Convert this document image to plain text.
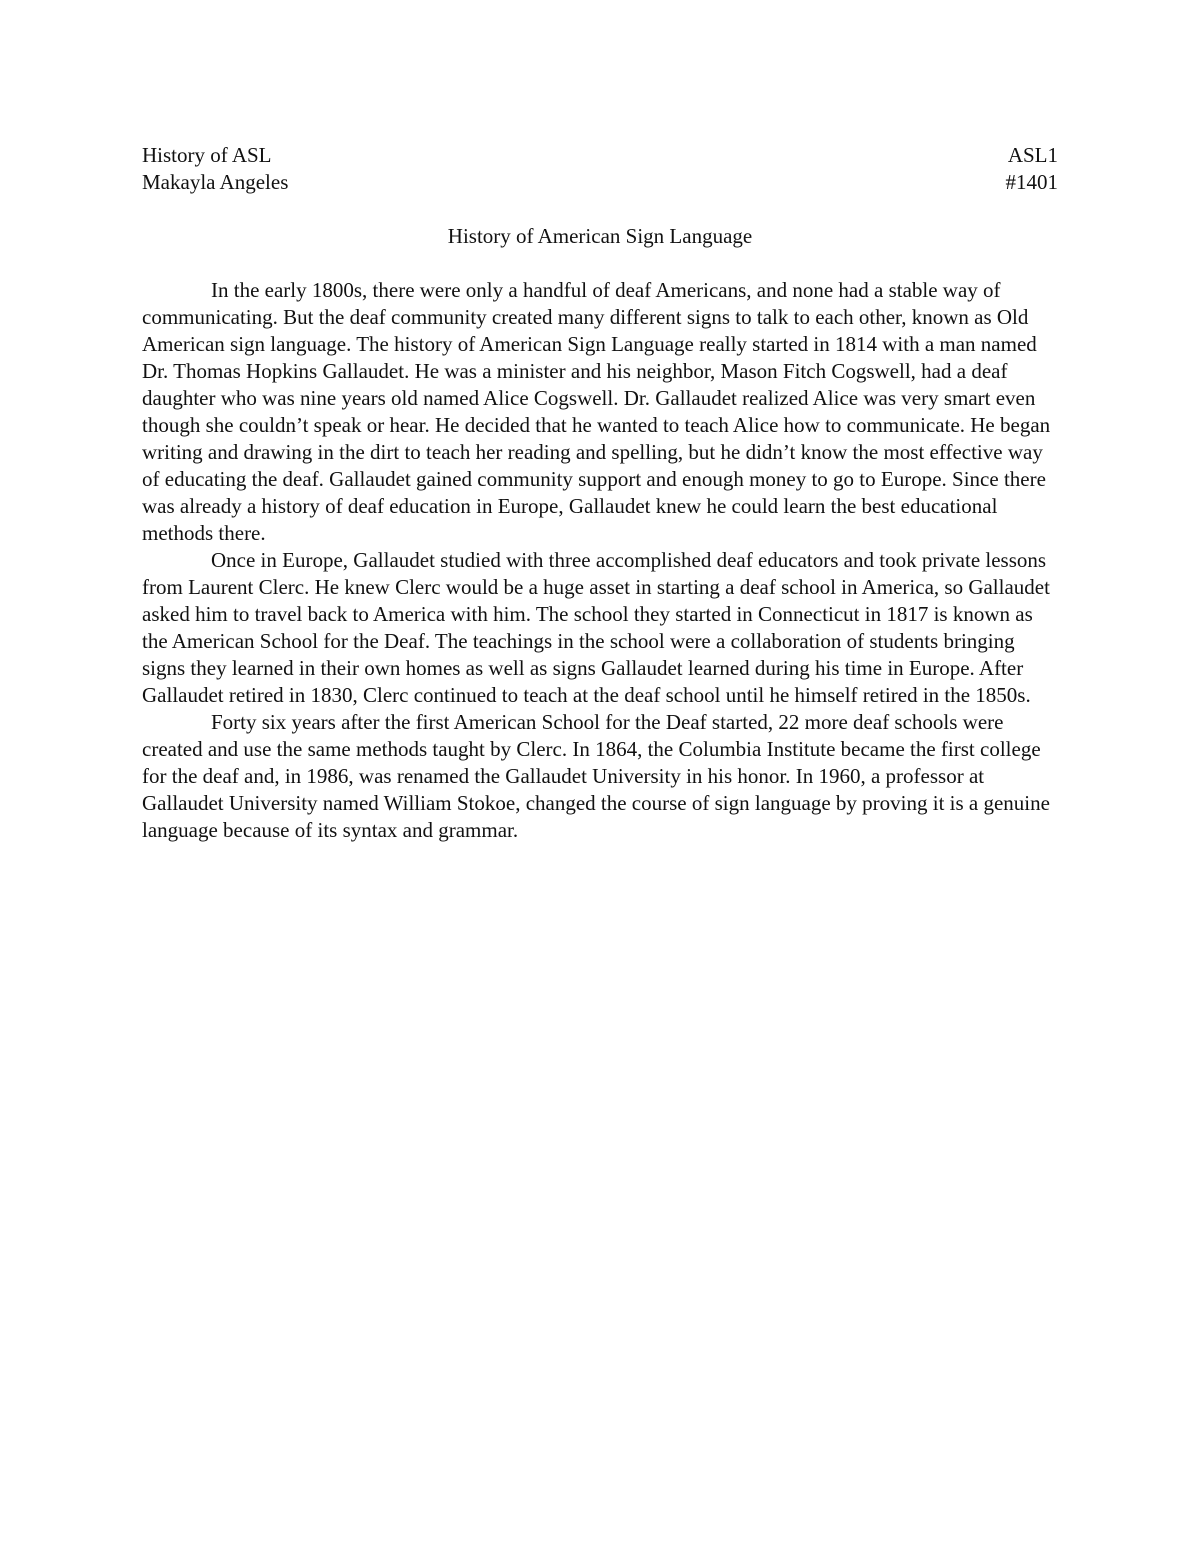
History of ASL	ASL1
Makayla Angeles	#1401
History of American Sign Language

In the early 1800s, there were only a handful of deaf Americans, and none had a stable way of communicating. But the deaf community created many different signs to talk to each other, known as Old American sign language. The history of American Sign Language really started in 1814 with a man named Dr. Thomas Hopkins Gallaudet. He was a minister and his neighbor, Mason Fitch Cogswell, had a deaf daughter who was nine years old named Alice Cogswell. Dr. Gallaudet realized Alice was very smart even though she couldn’t speak or hear. He decided that he wanted to teach Alice how to communicate. He began writing and drawing in the dirt to teach her reading and spelling, but he didn’t know the most effective way of educating the deaf. Gallaudet gained community support and enough money to go to Europe. Since there was already a history of deaf education in Europe, Gallaudet knew he could learn the best educational methods there.

Once in Europe, Gallaudet studied with three accomplished deaf educators and took private lessons from Laurent Clerc. He knew Clerc would be a huge asset in starting a deaf school in America, so Gallaudet asked him to travel back to America with him. The school they started in Connecticut in 1817 is known as the American School for the Deaf. The teachings in the school were a collaboration of students bringing signs they learned in their own homes as well as signs Gallaudet learned during his time in Europe. After Gallaudet retired in 1830, Clerc continued to teach at the deaf school until he himself retired in the 1850s.

Forty six years after the first American School for the Deaf started, 22 more deaf schools were created and use the same methods taught by Clerc. In 1864, the Columbia Institute became the first college for the deaf and, in 1986, was renamed the Gallaudet University in his honor. In 1960, a professor at Gallaudet University named William Stokoe, changed the course of sign language by proving it is a genuine language because of its syntax and grammar.
